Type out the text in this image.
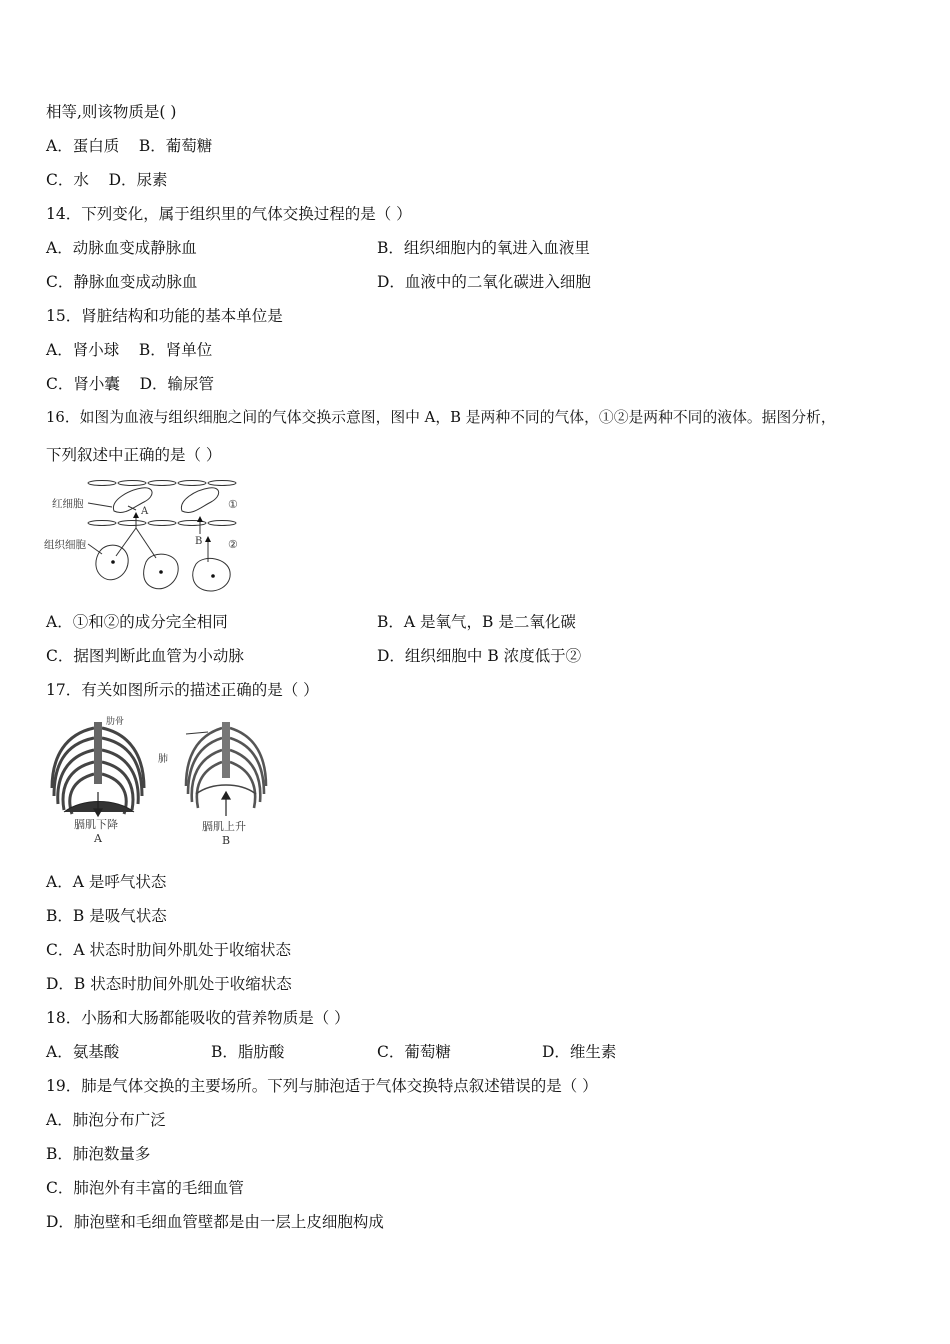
相等,则该物质是( )
A．蛋白质 B．葡萄糖
C．水 D．尿素
14．下列变化，属于组织里的气体交换过程的是（ ）
A．动脉血变成静脉血	B．组织细胞内的氧进入血液里
C．静脉血变成动脉血	D．血液中的二氧化碳进入细胞
15．肾脏结构和功能的基本单位是
A．肾小球 B．肾单位
C．肾小囊 D．输尿管
16．如图为血液与组织细胞之间的气体交换示意图，图中 A，B 是两种不同的气体，①②是两种不同的液体。据图分析，
下列叙述中正确的是（ ）
红细胞
组织细胞
A
B
①
②
A．①和②的成分完全相同	B．A 是氧气，B 是二氧化碳
C．据图判断此血管为小动脉	D．组织细胞中 B 浓度低于②
17．有关如图所示的描述正确的是（ ）
膈肌下降
A
肋骨
肺
膈肌上升
B
A．A 是呼气状态
B．B 是吸气状态
C．A 状态时肋间外肌处于收缩状态
D．B 状态时肋间外肌处于收缩状态
18．小肠和大肠都能吸收的营养物质是（ ）
A．氨基酸	B．脂肪酸	C．葡萄糖	D．维生素
19．肺是气体交换的主要场所。下列与肺泡适于气体交换特点叙述错误的是（ ）
A．肺泡分布广泛
B．肺泡数量多
C．肺泡外有丰富的毛细血管
D．肺泡壁和毛细血管壁都是由一层上皮细胞构成
